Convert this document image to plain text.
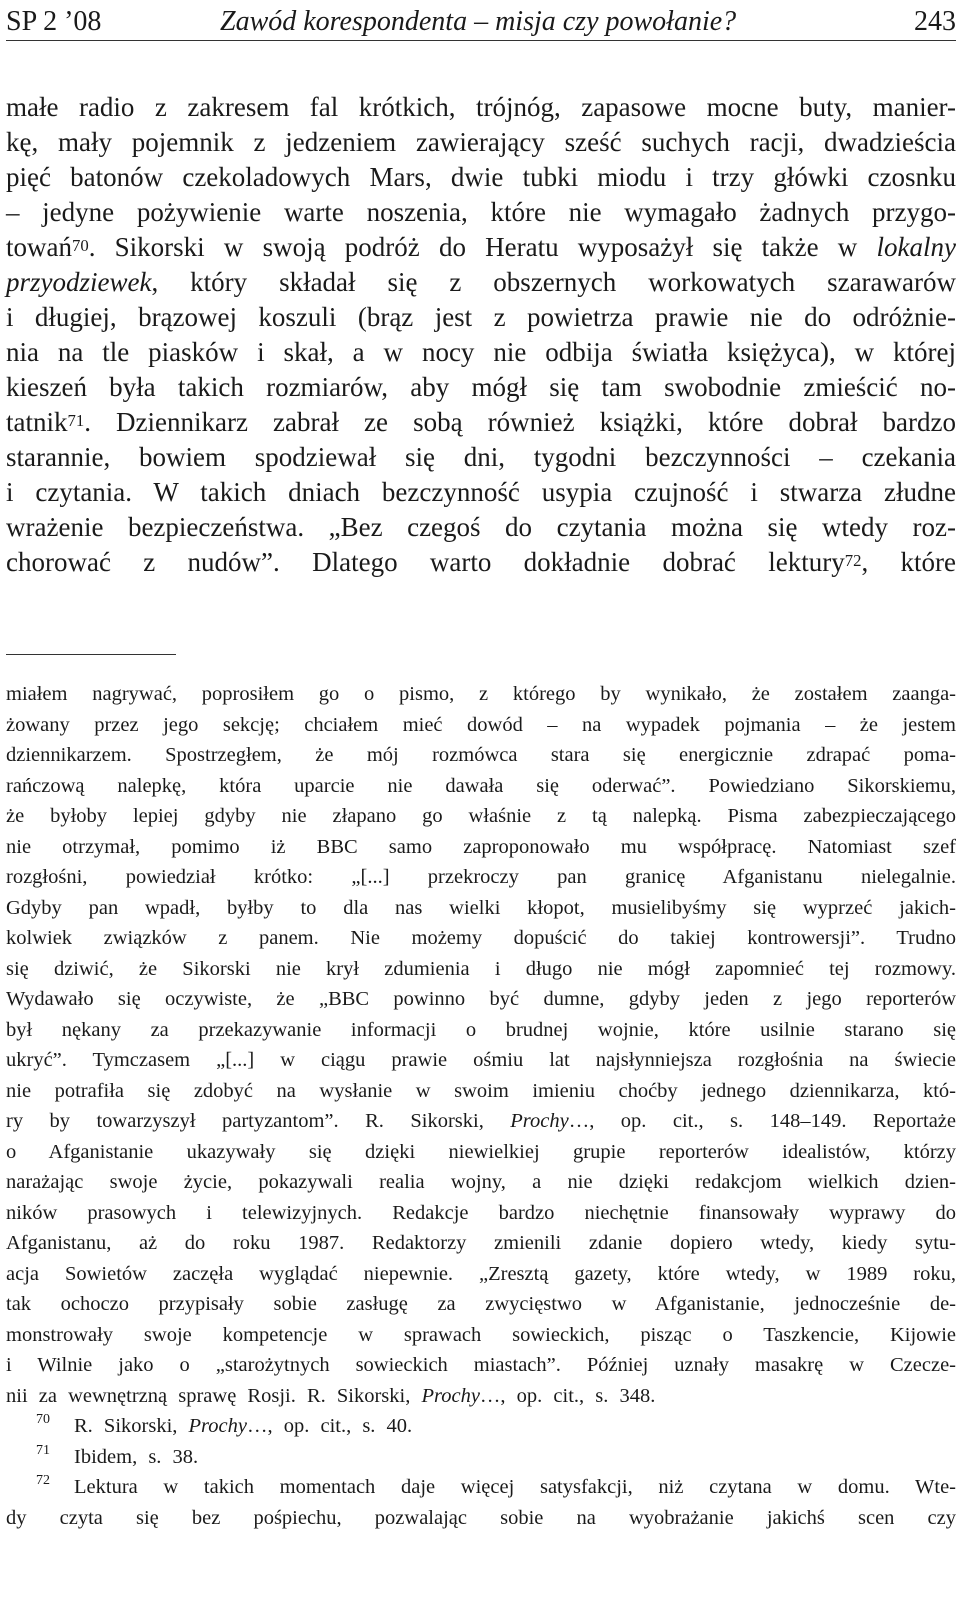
SP 2 ’08	Zawód korespondenta – misja czy powołanie?	243
małe radio z zakresem fal krótkich, trójnóg, zapasowe mocne buty, manier-
kę, mały pojemnik z jedzeniem zawierający sześć suchych racji, dwadzieścia
pięć batonów czekoladowych Mars, dwie tubki miodu i trzy główki czosnku
– jedyne pożywienie warte noszenia, które nie wymagało żadnych przygo-
towań$^{70}$. Sikorski w swoją podróż do Heratu wyposażył się także w lokalny
przyodziewek, który składał się z obszernych workowatych szarawarów
i długiej, brązowej koszuli (brąz jest z powietrza prawie nie do odróżnie-
nia na tle piasków i skał, a w nocy nie odbija światła księżyca), w której
kieszeń była takich rozmiarów, aby mógł się tam swobodnie zmieścić no-
tatnik$^{71}$. Dziennikarz zabrał ze sobą również książki, które dobrał bardzo
starannie, bowiem spodziewał się dni, tygodni bezczynności – czekania
i czytania. W takich dniach bezczynność usypia czujność i stwarza złudne
wrażenie bezpieczeństwa. „Bez czegoś do czytania można się wtedy roz-
chorować z nudów”. Dlatego warto dokładnie dobrać lektury$^{72}$, które
miałem nagrywać, poprosiłem go o pismo, z którego by wynikało, że zostałem zaanga-
żowany przez jego sekcję; chciałem mieć dowód – na wypadek pojmania – że jestem
dziennikarzem. Spostrzegłem, że mój rozmówca stara się energicznie zdrapać poma-
rańczową nalepkę, która uparcie nie dawała się oderwać”. Powiedziano Sikorskiemu,
że byłoby lepiej gdyby nie złapano go właśnie z tą nalepką. Pisma zabezpieczającego
nie otrzymał, pomimo iż BBC samo zaproponowało mu współpracę. Natomiast szef
rozgłośni, powiedział krótko: „[...] przekroczy pan granicę Afganistanu nielegalnie.
Gdyby pan wpadł, byłby to dla nas wielki kłopot, musielibyśmy się wyprzeć jakich-
kolwiek związków z panem. Nie możemy dopuścić do takiej kontrowersji”. Trudno
się dziwić, że Sikorski nie krył zdumienia i długo nie mógł zapomnieć tej rozmowy.
Wydawało się oczywiste, że „BBC powinno być dumne, gdyby jeden z jego reporterów
był nękany za przekazywanie informacji o brudnej wojnie, które usilnie starano się
ukryć”. Tymczasem „[...] w ciągu prawie ośmiu lat najsłynniejsza rozgłośnia na świecie
nie potrafiła się zdobyć na wysłanie w swoim imieniu choćby jednego dziennikarza, któ-
ry by towarzyszył partyzantom”. R. Sikorski, Prochy…, op. cit., s. 148–149. Reportaże
o Afganistanie ukazywały się dzięki niewielkiej grupie reporterów idealistów, którzy
narażając swoje życie, pokazywali realia wojny, a nie dzięki redakcjom wielkich dzien-
ników prasowych i telewizyjnych. Redakcje bardzo niechętnie finansowały wyprawy do
Afganistanu, aż do roku 1987. Redaktorzy zmienili zdanie dopiero wtedy, kiedy sytu-
acja Sowietów zaczęła wyglądać niepewnie. „Zresztą gazety, które wtedy, w 1989 roku,
tak ochoczo przypisały sobie zasługę za zwycięstwo w Afganistanie, jednocześnie de-
monstrowały swoje kompetencje w sprawach sowieckich, pisząc o Taszkencie, Kijowie
i Wilnie jako o „starożytnych sowieckich miastach”. Później uznały masakrę w Czecze-
nii za wewnętrzną sprawę Rosji. R. Sikorski, Prochy…, op. cit., s. 348.
70 R. Sikorski, Prochy…, op. cit., s. 40.
71 Ibidem, s. 38.
72 Lektura w takich momentach daje więcej satysfakcji, niż czytana w domu. Wte-
dy czyta się bez pośpiechu, pozwalając sobie na wyobrażanie jakichś scen czy
